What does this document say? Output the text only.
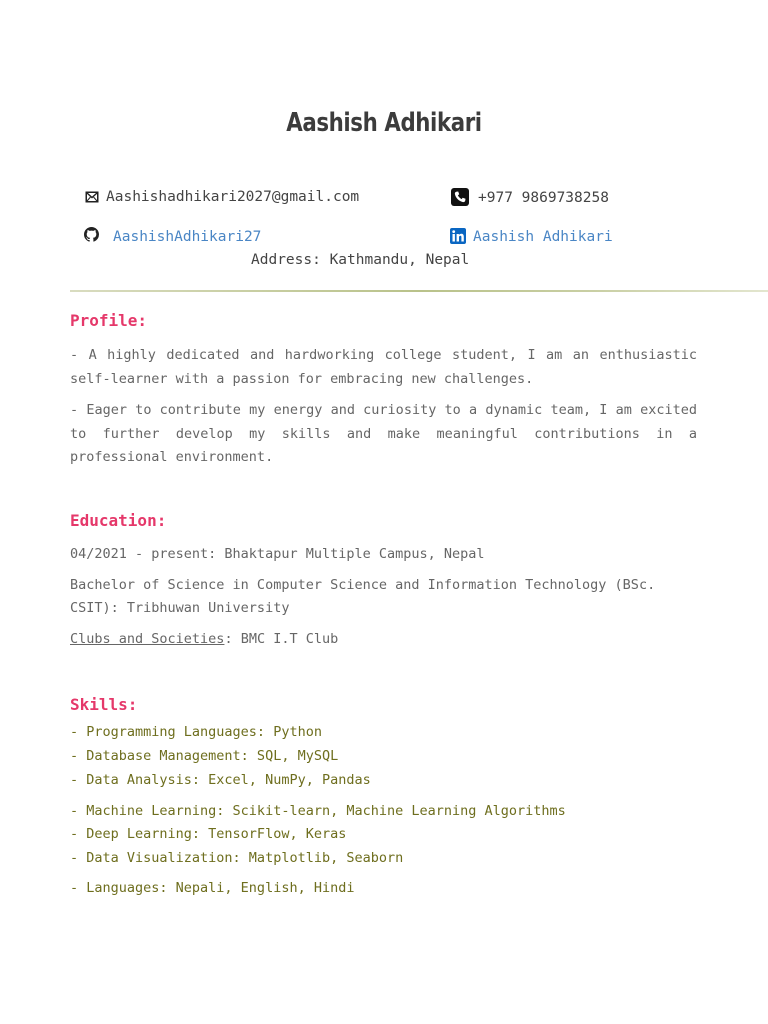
Aashish Adhikari
Aashishadhikari2027@gmail.com	+977 9869738258
AashishAdhikari27	Aashish Adhikari
Address: Kathmandu, Nepal
Profile:
- A highly dedicated and hardworking college student, I am an enthusiastic self-learner with a passion for embracing new challenges.
- Eager to contribute my energy and curiosity to a dynamic team, I am excited to further develop my skills and make meaningful contributions in a professional environment.
Education:
04/2021 - present: Bhaktapur Multiple Campus, Nepal
Bachelor of Science in Computer Science and Information Technology (BSc. CSIT): Tribhuwan University
Clubs and Societies: BMC I.T Club
Skills:
- Programming Languages: Python
- Database Management: SQL, MySQL
- Data Analysis: Excel, NumPy, Pandas
- Machine Learning: Scikit-learn, Machine Learning Algorithms
- Deep Learning: TensorFlow, Keras
- Data Visualization: Matplotlib, Seaborn
- Languages: Nepali, English, Hindi
